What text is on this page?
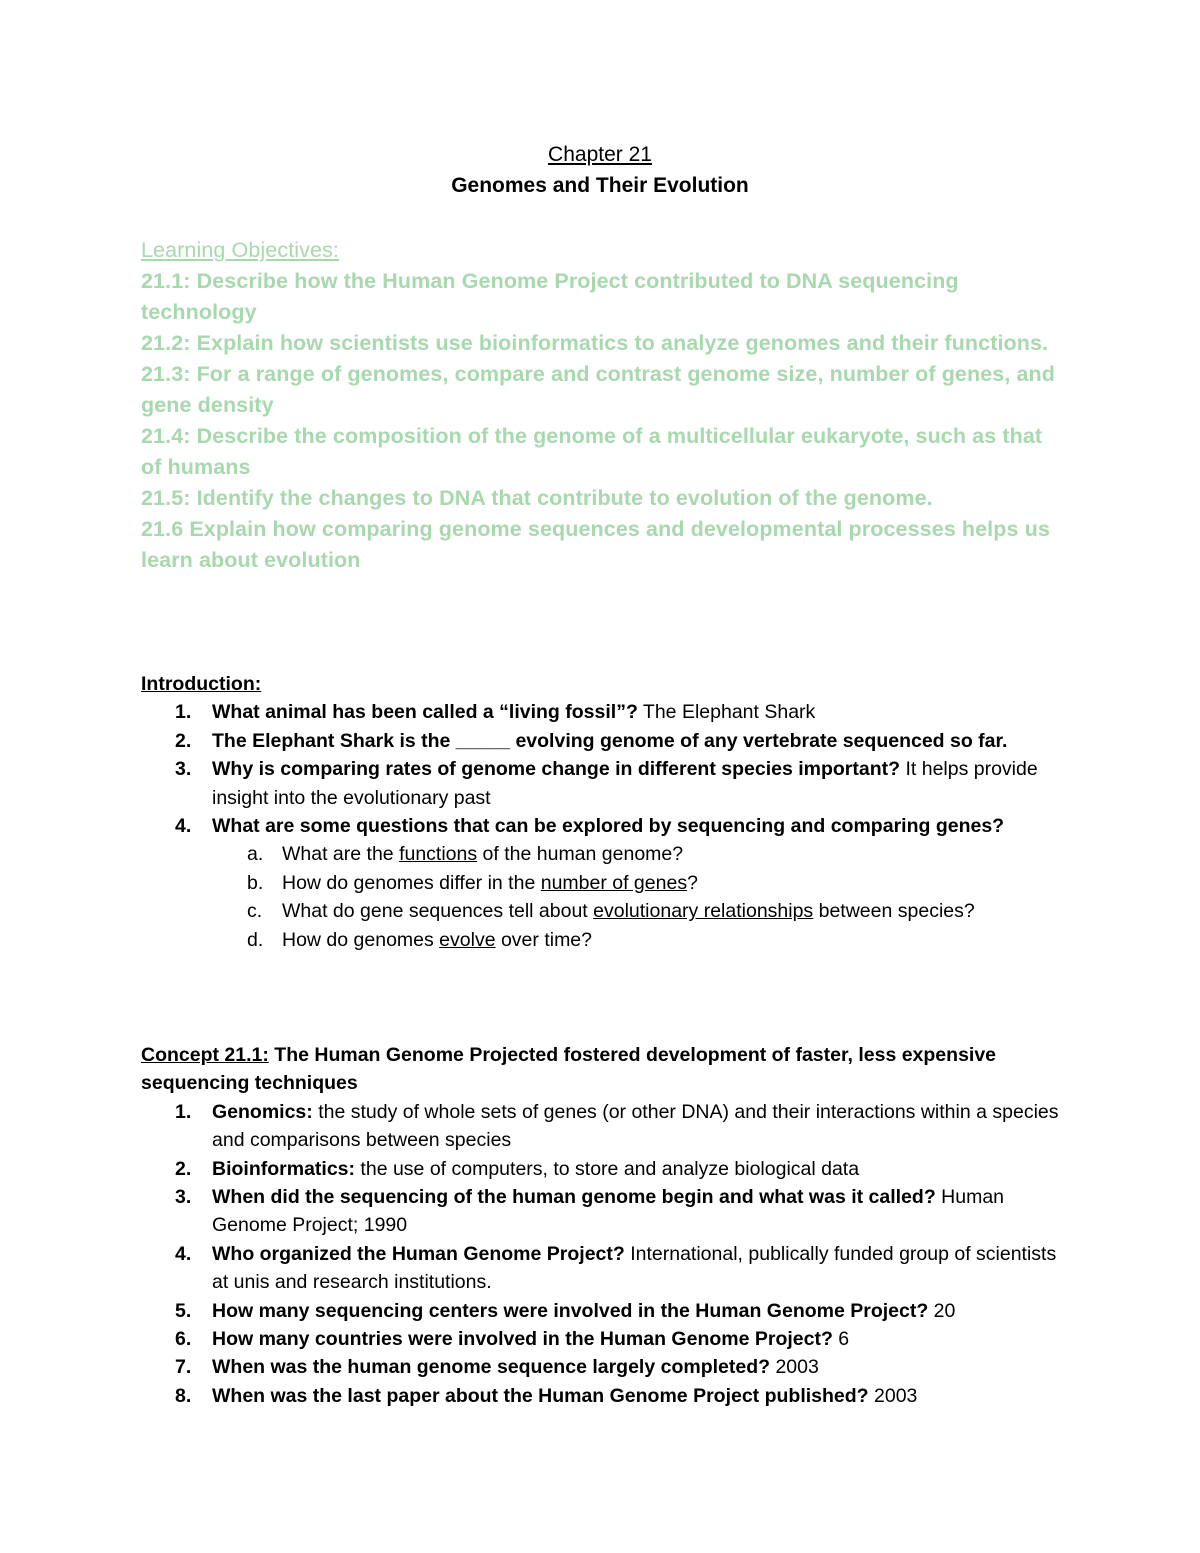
Chapter 21
Genomes and Their Evolution
Learning Objectives:
21.1: Describe how the Human Genome Project contributed to DNA sequencing technology
21.2: Explain how scientists use bioinformatics to analyze genomes and their functions.
21.3: For a range of genomes, compare and contrast genome size, number of genes, and gene density
21.4: Describe the composition of the genome of a multicellular eukaryote, such as that of humans
21.5: Identify the changes to DNA that contribute to evolution of the genome.
21.6 Explain how comparing genome sequences and developmental processes helps us learn about evolution
Introduction:
1. What animal has been called a “living fossil”? The Elephant Shark
2. The Elephant Shark is the _____ evolving genome of any vertebrate sequenced so far.
3. Why is comparing rates of genome change in different species important? It helps provide insight into the evolutionary past
4. What are some questions that can be explored by sequencing and comparing genes?
a. What are the functions of the human genome?
b. How do genomes differ in the number of genes?
c. What do gene sequences tell about evolutionary relationships between species?
d. How do genomes evolve over time?
Concept 21.1: The Human Genome Projected fostered development of faster, less expensive sequencing techniques
1. Genomics: the study of whole sets of genes (or other DNA) and their interactions within a species and comparisons between species
2. Bioinformatics: the use of computers, to store and analyze biological data
3. When did the sequencing of the human genome begin and what was it called? Human Genome Project; 1990
4. Who organized the Human Genome Project? International, publically funded group of scientists at unis and research institutions.
5. How many sequencing centers were involved in the Human Genome Project? 20
6. How many countries were involved in the Human Genome Project? 6
7. When was the human genome sequence largely completed? 2003
8. When was the last paper about the Human Genome Project published? 2003
